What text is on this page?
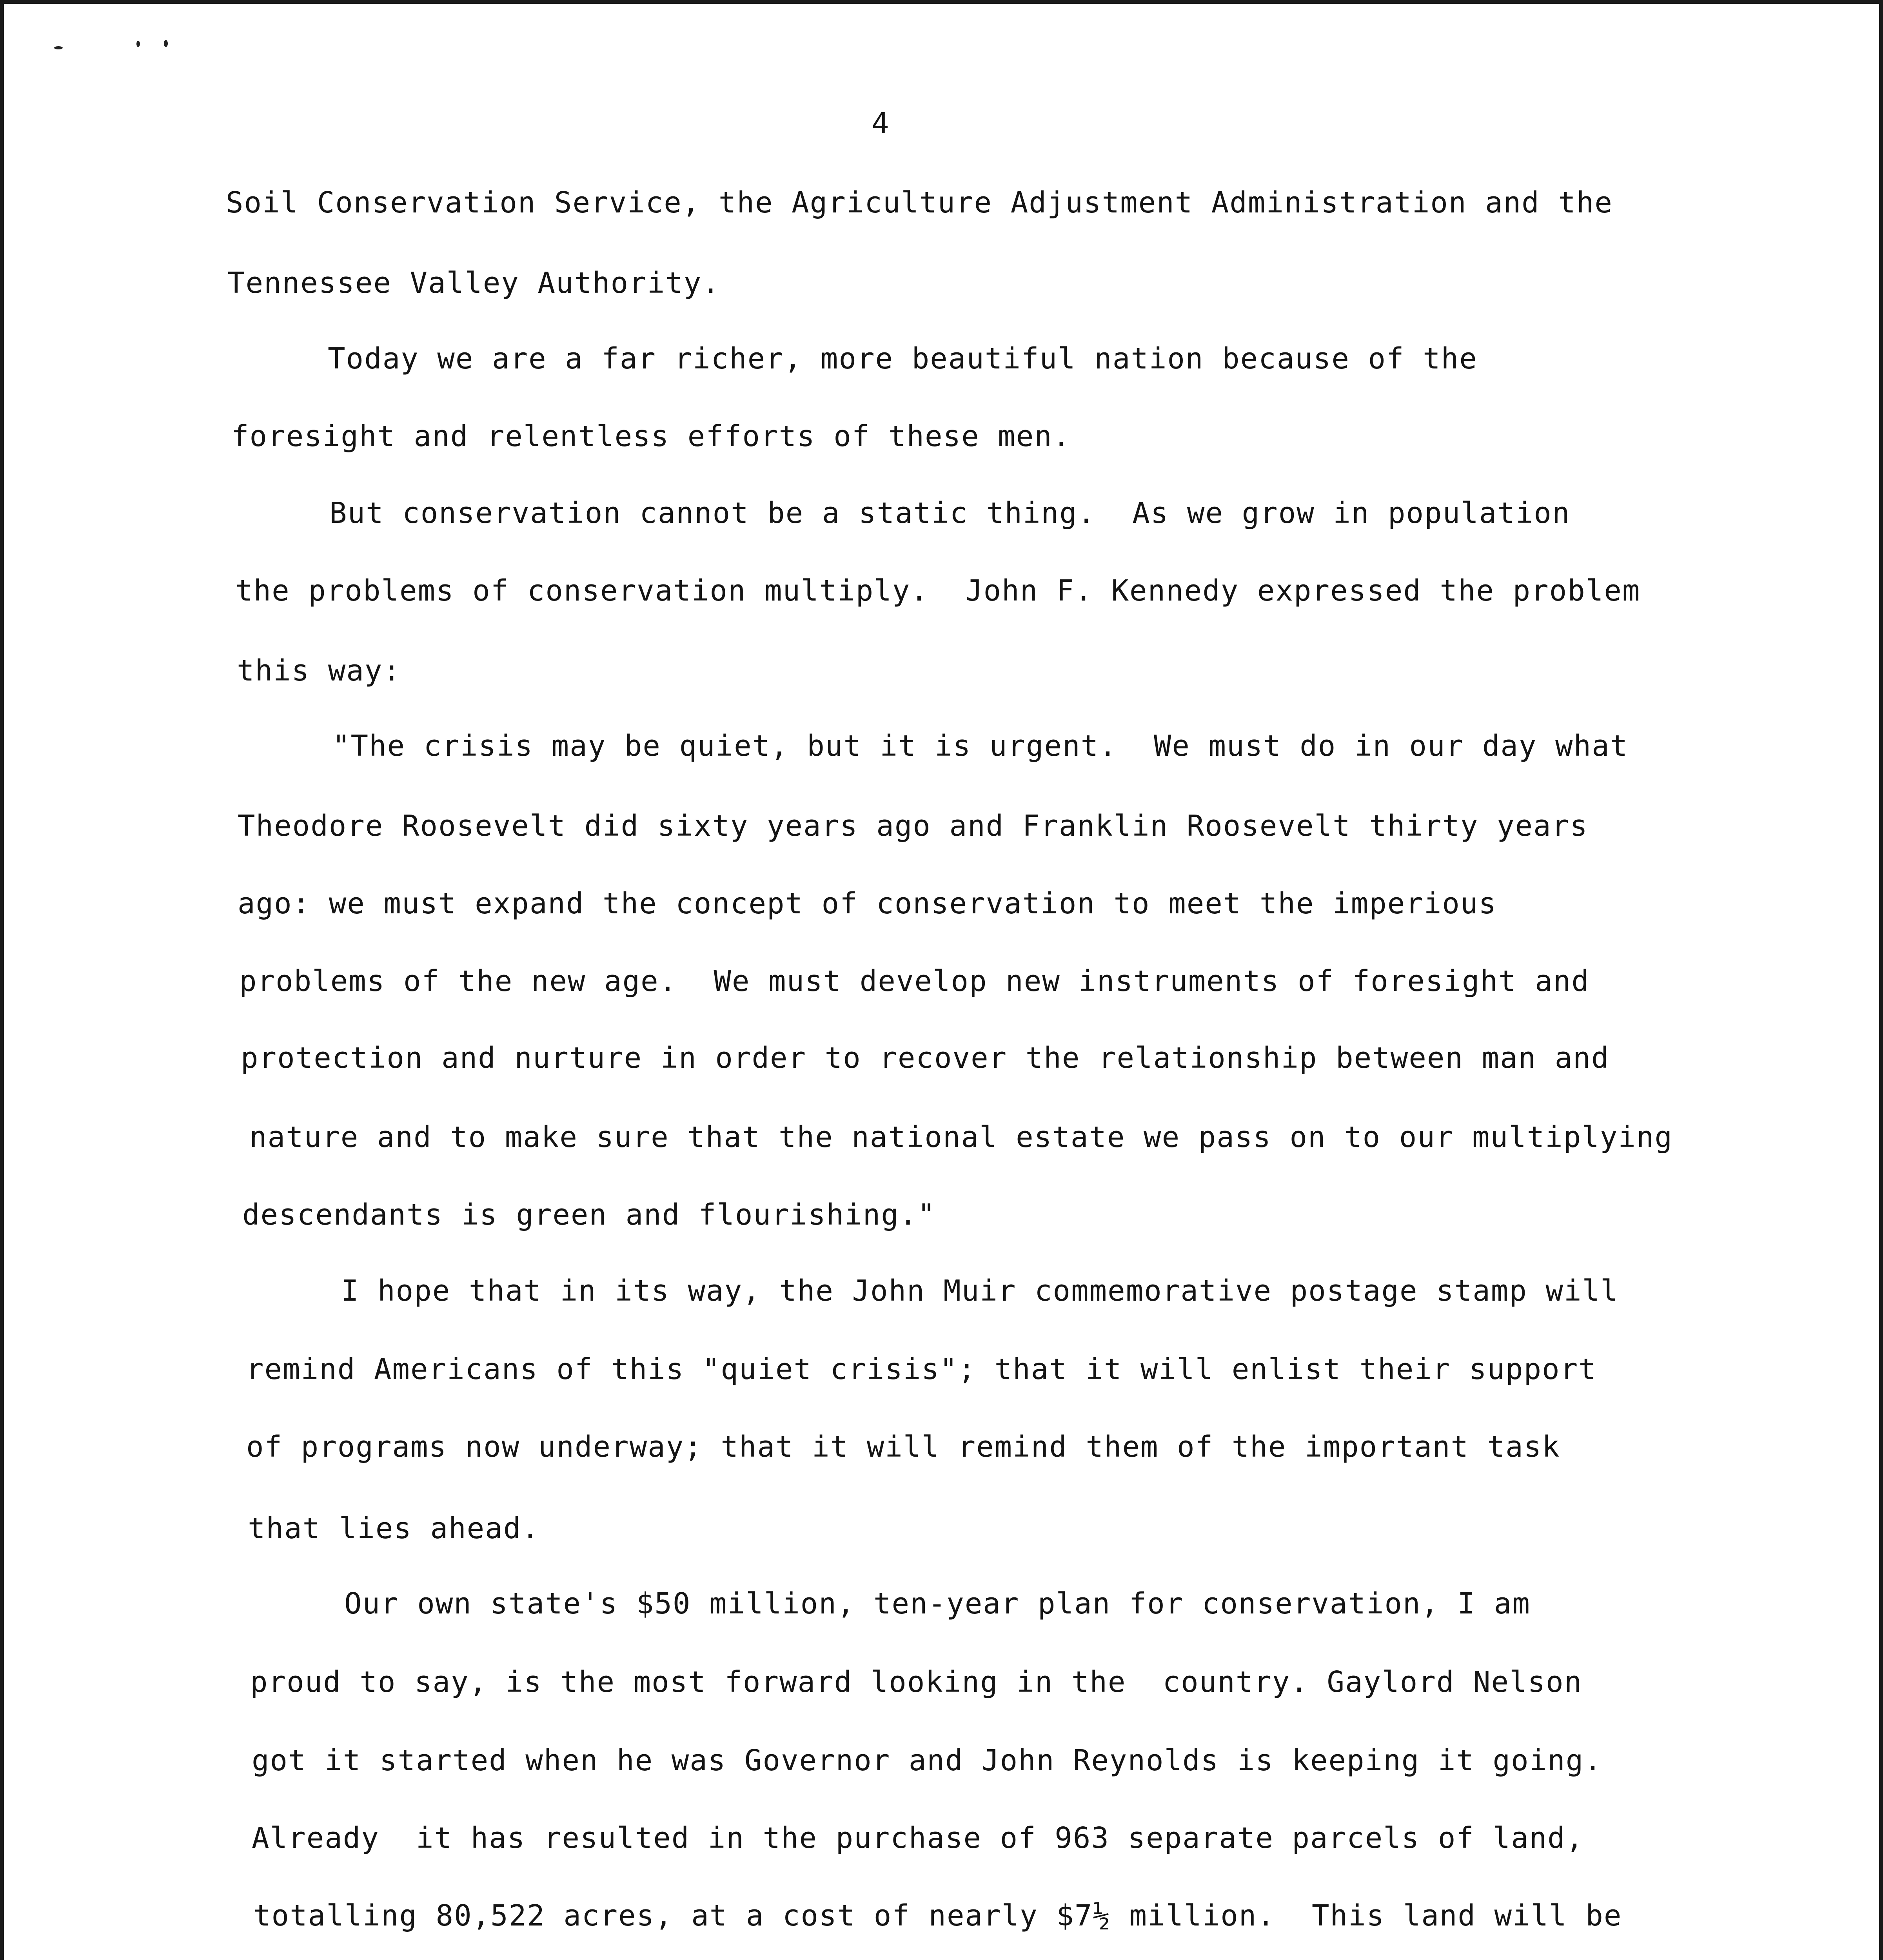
4
Soil Conservation Service, the Agriculture Adjustment Administration and the
Tennessee Valley Authority.
Today we are a far richer, more beautiful nation because of the
foresight and relentless efforts of these men.
But conservation cannot be a static thing.  As we grow in population
the problems of conservation multiply.  John F. Kennedy expressed the problem
this way:
"The crisis may be quiet, but it is urgent.  We must do in our day what
Theodore Roosevelt did sixty years ago and Franklin Roosevelt thirty years
ago: we must expand the concept of conservation to meet the imperious
problems of the new age.  We must develop new instruments of foresight and
protection and nurture in order to recover the relationship between man and
nature and to make sure that the national estate we pass on to our multiplying
descendants is green and flourishing."
I hope that in its way, the John Muir commemorative postage stamp will
remind Americans of this "quiet crisis"; that it will enlist their support
of programs now underway; that it will remind them of the important task
that lies ahead.
Our own state's $50 million, ten-year plan for conservation, I am
proud to say, is the most forward looking in the  country. Gaylord Nelson
got it started when he was Governor and John Reynolds is keeping it going.
Already  it has resulted in the purchase of 963 separate parcels of land,
totalling 80,522 acres, at a cost of nearly $7½ million.  This land will be
